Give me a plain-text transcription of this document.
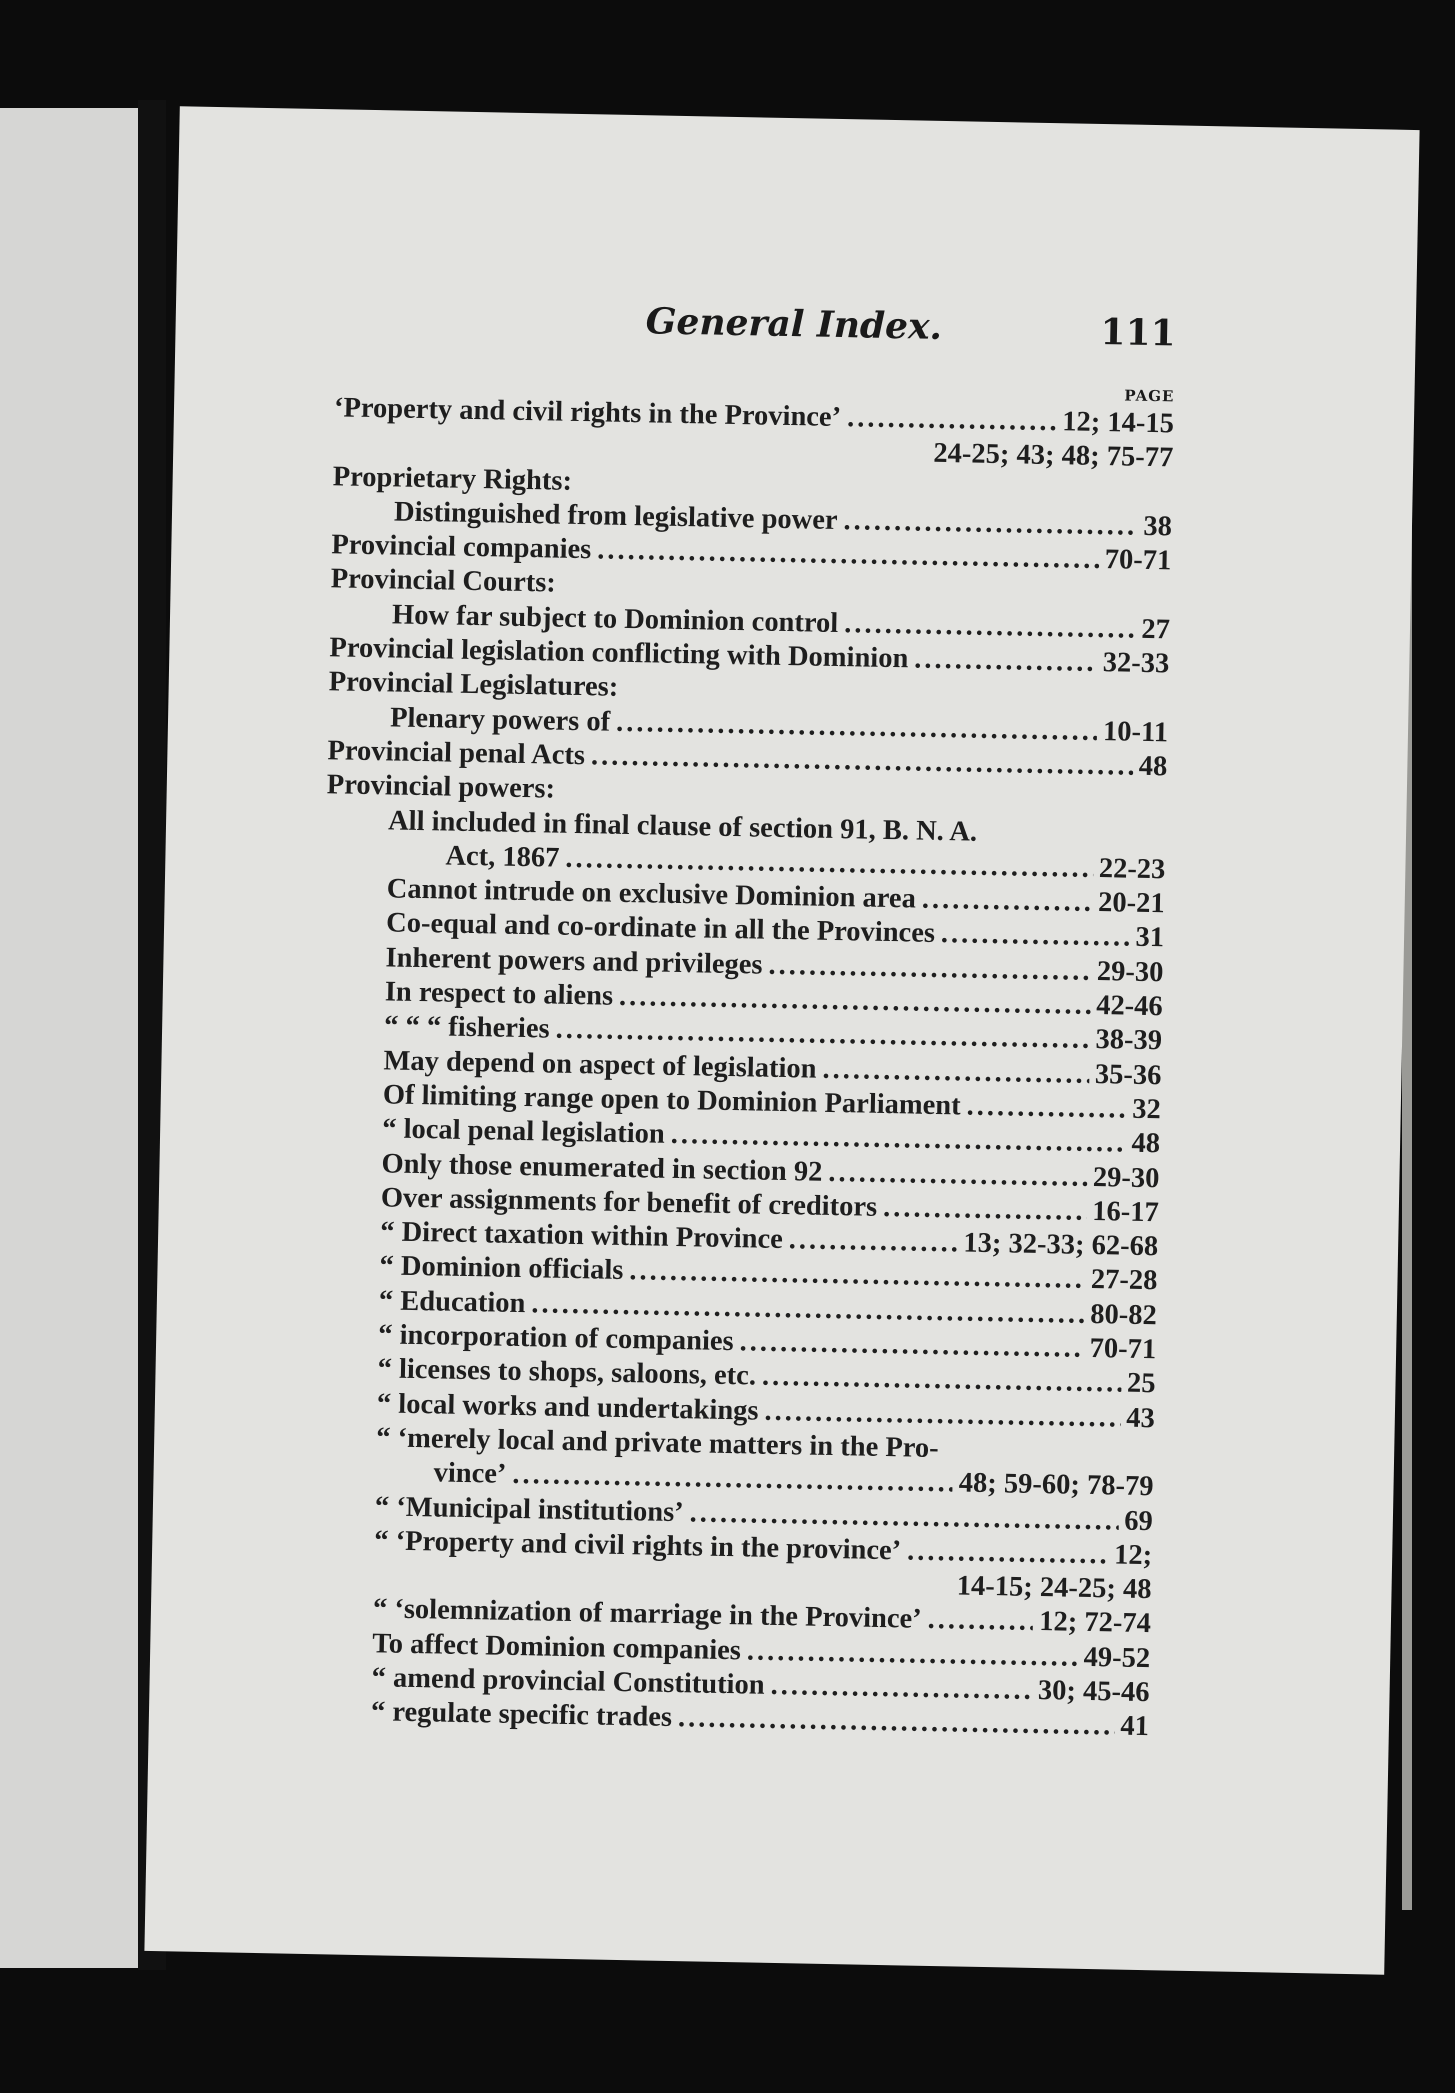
General Index.	111
PAGE
‘Property and civil rights in the Province’ .....	12; 14-15
24-25; 43; 48; 75-77
Proprietary Rights:
Distinguished from legislative power .....	38
Provincial companies .....	70-71
Provincial Courts:
How far subject to Dominion control .....	27
Provincial legislation conflicting with Dominion .....	32-33
Provincial Legislatures:
Plenary powers of .....	10-11
Provincial penal Acts .....	48
Provincial powers:
All included in final clause of section 91, B. N. A.
Act, 1867 .....	22-23
Cannot intrude on exclusive Dominion area .....	20-21
Co-equal and co-ordinate in all the Provinces .....	31
Inherent powers and privileges .....	29-30
In respect to aliens .....	42-46
“ “ “ fisheries .....	38-39
May depend on aspect of legislation .....	35-36
Of limiting range open to Dominion Parliament .....	32
“ local penal legislation .....	48
Only those enumerated in section 92 .....	29-30
Over assignments for benefit of creditors .....	16-17
“ Direct taxation within Province .....	13; 32-33; 62-68
“ Dominion officials .....	27-28
“ Education .....	80-82
“ incorporation of companies .....	70-71
“ licenses to shops, saloons, etc. .....	25
“ local works and undertakings .....	43
“ ‘merely local and private matters in the Pro-
vince’ .....	48; 59-60; 78-79
“ ‘Municipal institutions’ .....	69
“ ‘Property and civil rights in the province’ .....	12;
14-15; 24-25; 48
“ ‘solemnization of marriage in the Province’ .....	12; 72-74
To affect Dominion companies .....	49-52
“ amend provincial Constitution .....	30; 45-46
“ regulate specific trades .....	41
